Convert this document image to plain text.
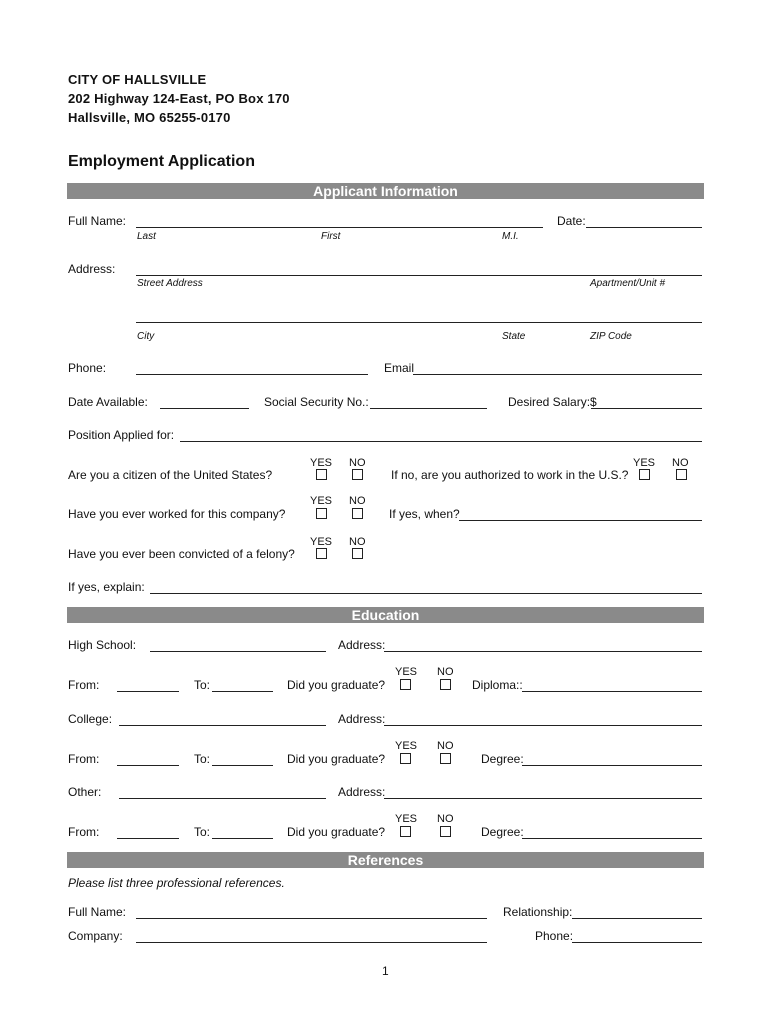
CITY OF HALLSVILLE
202 Highway 124-East, PO Box 170
Hallsville, MO 65255-0170
Employment Application
Applicant Information
Full Name:	Date:
Last	First	M.I.
Address:
Street Address	Apartment/Unit #
City	State	ZIP Code
Phone:	Email
Date Available:	Social Security No.:	Desired Salary:$
Position Applied for:
YES NO
Are you a citizen of the United States?
YES NO
If no, are you authorized to work in the U.S.?
YES NO
Have you ever worked for this company?	If yes, when?
YES NO
Have you ever been convicted of a felony?
If yes, explain:
Education
High School:	Address:
YES NO
From:	To:	Did you graduate?	Diploma::
College:	Address:
YES NO
From:	To:	Did you graduate?	Degree:
Other:	Address:
YES NO
From:	To:	Did you graduate?	Degree:
References
Please list three professional references.
Full Name:	Relationship:
Company:	Phone:
1
